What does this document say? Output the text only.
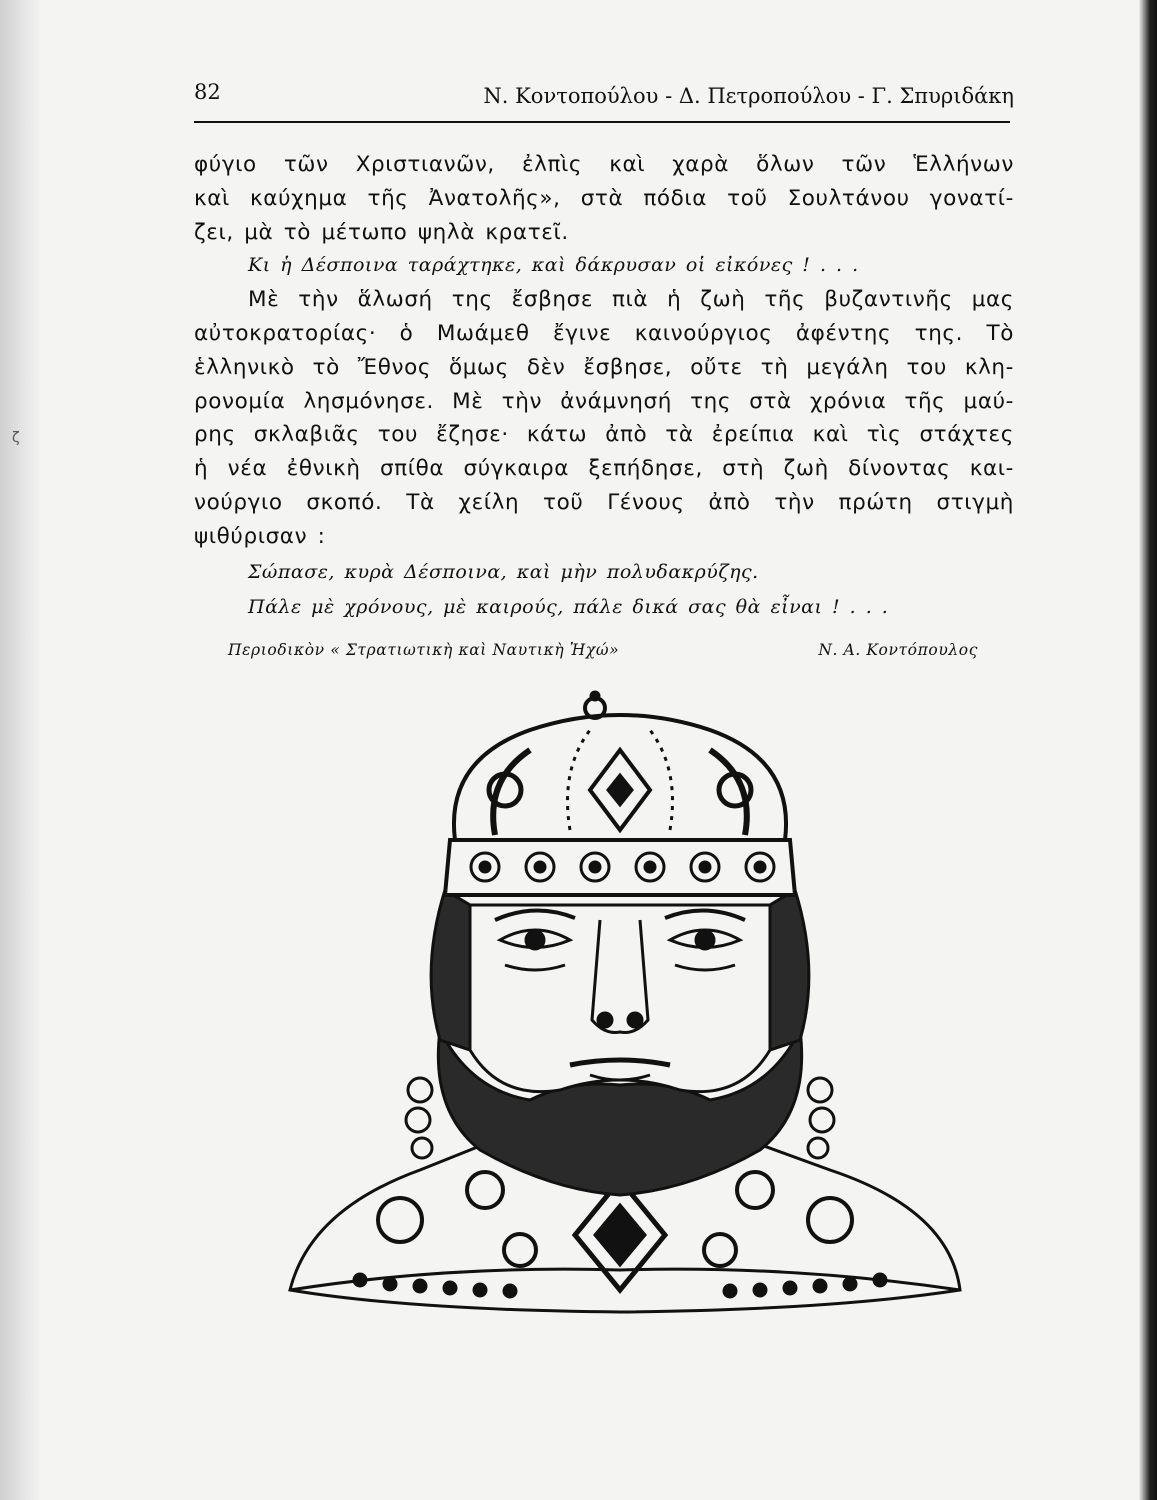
ζ
82	Ν. Κοντοπούλου - Δ. Πετροπούλου - Γ. Σπυριδάκη
φύγιο τῶν Χριστιανῶν, ἐλπὶς καὶ χαρὰ ὅλων τῶν Ἑλλήνων
καὶ καύχημα τῆς Ἀνατολῆς», στὰ πόδια τοῦ Σουλτάνου γονατί-
ζει, μὰ τὸ μέτωπο ψηλὰ κρατεῖ.
Κι ἡ Δέσποινα ταράχτηκε, καὶ δάκρυσαν οἱ εἰκόνες ! . . .
Μὲ τὴν ἅλωσή της ἔσβησε πιὰ ἡ ζωὴ τῆς βυζαντινῆς μας
αὐτοκρατορίας· ὁ Μωάμεθ ἔγινε καινούργιος ἀφέντης της. Τὸ
ἑλληνικὸ τὸ Ἔθνος ὅμως δὲν ἔσβησε, οὔτε τὴ μεγάλη του κλη-
ρονομία λησμόνησε. Μὲ τὴν ἀνάμνησή της στὰ χρόνια τῆς μαύ-
ρης σκλαβιᾶς του ἔζησε· κάτω ἀπὸ τὰ ἐρείπια καὶ τὶς στάχτες
ἡ νέα ἐθνικὴ σπίθα σύγκαιρα ξεπήδησε, στὴ ζωὴ δίνοντας και-
νούργιο σκοπό. Τὰ χείλη τοῦ Γένους ἀπὸ τὴν πρώτη στιγμὴ
ψιθύρισαν :
Σώπασε, κυρὰ Δέσποινα, καὶ μὴν πολυδακρύζης.
Πάλε μὲ χρόνους, μὲ καιρούς, πάλε δικά σας θὰ εἶναι ! . . .
Περιοδικὸν « Στρατιωτικὴ καὶ Ναυτικὴ Ἠχώ»	Ν. Α. Κοντόπουλος
